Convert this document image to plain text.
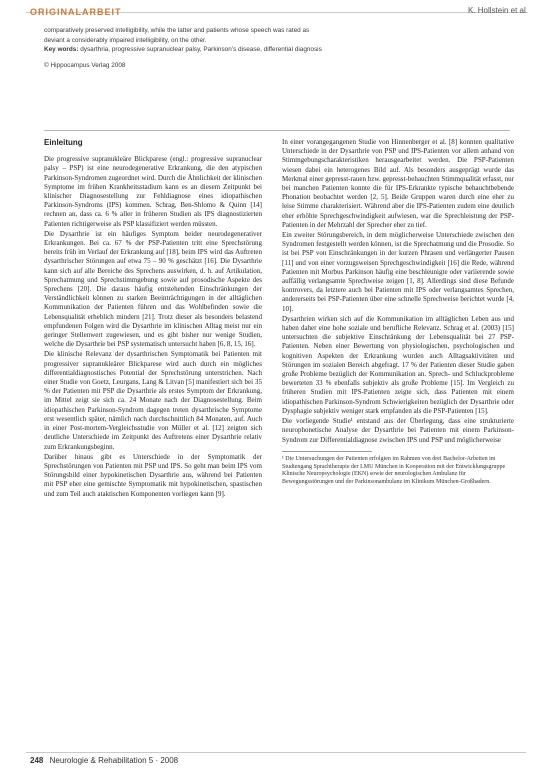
ORIGINALARBEIT	K. Hollstein et al.

comparatively preserved intelligibility, while the latter and patients whose speech was rated as

deviant a considerably impaired intelligibility, on the other.

Key words: dysarthria, progressive supranuclear palsy, Parkinson’s disease, differential diagnosis

© Hippocampus Verlag 2008

Einleitung

Die progressive supranukleäre Blickparese (engl.: progressive supranuclear palsy – PSP) ist eine neurodegenerative Erkrankung, die den atypischen Parkinson-Syndromen zugeordnet wird. Durch die Ähnlichkeit der klinischen Symptome im frühen Krankheitsstadium kann es an diesem Zeitpunkt bei klinischer Diagnosestellung zur Fehldiagnose eines idiopathischen Parkinson-Syndroms (IPS) kommen. Schrag, Ben-Shlomo & Quinn [14] rechnen an, dass ca. 6 % aller in früheren Studien als IPS diagnostizierten Patienten richtigerweise als PSP klassifiziert werden müssten.

Die Dysarthrie ist ein häufiges Symptom beider neurodegenerativer Erkrankungen. Bei ca. 67 % der PSP-Patienten tritt eine Sprechstörung bereits früh im Verlauf der Erkrankung auf [18], beim IPS wird das Auftreten dysarthrischer Störungen auf etwa 75 – 90 % geschätzt [16]. Die Dysarthrie kann sich auf alle Bereiche des Sprechens auswirken, d. h. auf Artikulation, Sprechatmung und Sprechstimmgebung sowie auf prosodische Aspekte des Sprechens [20]. Die daraus häufig entstehenden Einschränkungen der Verständlichkeit können zu starken Beeinträchtigungen in der alltäglichen Kommunikation der Patienten führen und das Wohlbefinden sowie die Lebensqualität erheblich mindern [21]. Trotz dieser als besonders belastend empfundenen Folgen wird die Dysarthrie im klinischen Alltag meist nur ein geringer Stellenwert zugewiesen, und es gibt bisher nur wenige Studien, welche die Dysarthrie bei PSP systematisch untersucht haben [6, 8, 15, 16].

Die klinische Relevanz der dysarthrischen Symptomatik bei Patienten mit progressiver supranukleärer Blickparese wird auch durch ein mögliches differentialdiagnostisches Potential der Sprechstörung unterstrichen. Nach einer Studie von Goetz, Leurgans, Lang & Litvan [5] manifestiert sich bei 35 % der Patienten mit PSP die Dysarthrie als erstes Symptom der Erkrankung, im Mittel zeigt sie sich ca. 24 Monate nach der Diagnosestellung. Beim idiopathischen Parkinson-Syndrom dagegen treten dysarthrische Symptome erst wesentlich später, nämlich nach durchschnittlich 84 Monaten, auf. Auch in einer Post-mortem-Vergleichsstudie von Müller et al. [12] zeigten sich deutliche Unterschiede im Zeitpunkt des Auftretens einer Dysarthrie relativ zum Erkrankungsbeginn.

Darüber hinaus gibt es Unterschiede in der Symptomatik der Sprechstörungen von Patienten mit PSP und IPS. So geht man beim IPS vom Störungsbild einer hypokinetischen Dysarthrie aus, während bei Patienten mit PSP eher eine gemischte Symptomatik mit hypokinetischen, spastischen und zum Teil auch ataktischen Komponenten vorliegen kann [9].

In einer vorangegangenen Studie von Hinnenberger et al. [8] konnten qualitative Unterschiede in der Dysarthrie von PSP und IPS-Patienten vor allem anhand von Stimmgebungscharakteristiken herausgearbeitet werden. Die PSP-Patienten wiesen dabei ein heterogenes Bild auf. Als besonders ausgeprägt wurde das Merkmal einer gepresst-rauen bzw. gepresst-behauchten Stimmqualität erfasst, nur bei manchen Patienten konnte die für IPS-Erkrankte typische behauchtbebende Phonation beobachtet werden [2, 5]. Beide Gruppen waren durch eine eher zu leise Stimme charakterisiert. Während aber die IPS-Patienten zudem eine deutlich eher erhöhte Sprechgeschwindigkeit aufwiesen, war die Sprechleistung der PSP-Patienten in der Mehrzahl der Sprecher eher zu tief.

Ein zweiter Störungsbereich, in dem möglicherweise Unterschiede zwischen den Syndromen festgestellt werden können, ist die Sprechatmung und die Prosodie. So ist bei PSP von Einschränkungen in der kurzen Phrasen und verlängerter Pausen [11] und von einer vorzugsweisen Sprechgeschwindigkeit [16] die Rede, während Patienten mit Morbus Parkinson häufig eine beschleunigte oder variierende sowie auffällig verlangsamte Sprechweise zeigen [1, 8]. Allerdings sind diese Befunde kontrovers, da letztere auch bei Patienten mit IPS oder verlangsamtes Sprechen, andererseits bei PSP-Patienten über eine schnelle Sprechweise berichtet wurde [4, 10].

Dysarthrien wirken sich auf die Kommunikation im alltäglichen Leben aus und haben daher eine hohe soziale und berufliche Relevanz. Schrag et al. (2003) [15] untersuchten die subjektive Einschränkung der Lebensqualität bei 27 PSP-Patienten. Neben einer Bewertung von physiologischen, psychologischen und kognitiven Aspekten der Erkrankung wurden auch Alltagsaktivitäten und Störungen im sozialen Bereich abgefragt. 17 % der Patienten dieser Studie gaben große Probleme bezüglich der Kommunikation an. Sprech- und Schluckprobleme bewerteten 33 % ebenfalls subjektiv als große Probleme [15]. Im Vergleich zu früheren Studien mit IPS-Patienten zeigte sich, dass Patienten mit einem idiopathischen Parkinson-Syndrom Schwierigkeiten bezüglich der Dysarthrie oder Dysphagie subjektiv weniger stark empfanden als die PSP-Patienten [15].

Die vorliegende Studie¹ entstand aus der Überlegung, dass eine strukturierte neurophonetische Analyse der Dysarthrie bei Patienten mit einem Parkinson-Syndrom zur Differentialdiagnose zwischen IPS und PSP und möglicherweise

¹ Die Untersuchungen der Patienten erfolgten im Rahmen von drei Bachelor-Arbeiten im Studiengang Sprachtherapie der LMU München in Kooperation mit der Entwicklungsgruppe Klinische Neuropsychologie (EKN) sowie der neurologischen Ambulanz für Bewegungsstörungen und der Parkinsonambulanz im Klinikum München-Großhadern.
248 Neurologie & Rehabilitation 5 · 2008
